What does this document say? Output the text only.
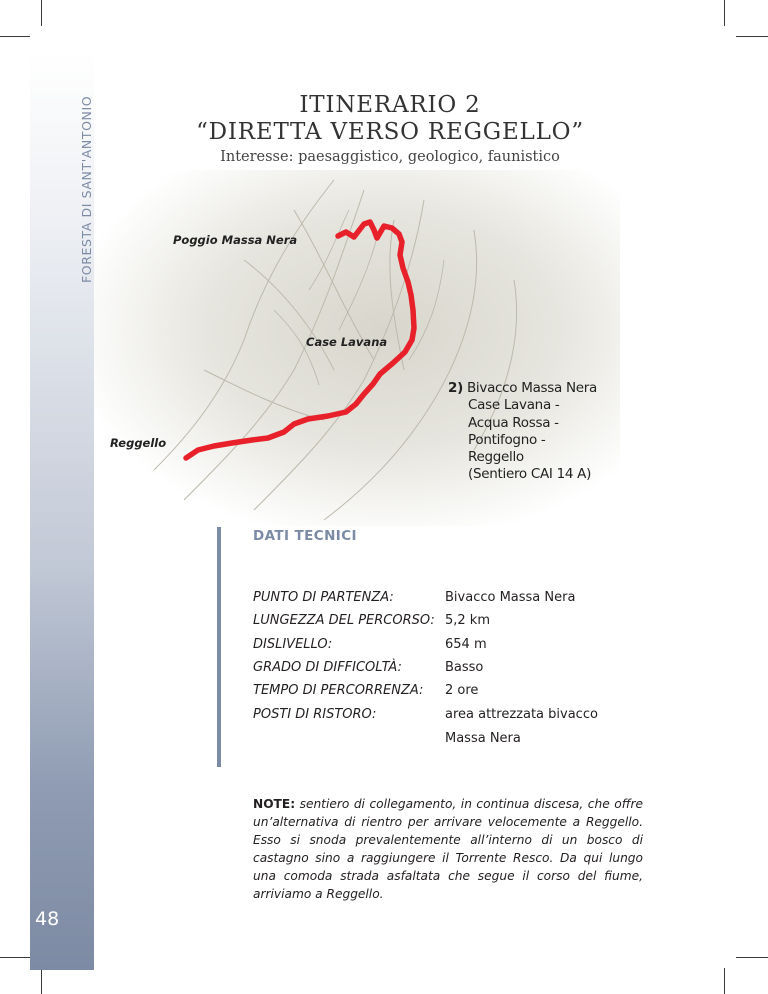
FORESTA DI SANT'ANTONIO
48
ITINERARIO 2
“DIRETTA VERSO REGGELLO”
Interesse: paesaggistico, geologico, faunistico
Poggio Massa Nera
Case Lavana
Reggello
2) Bivacco Massa Nera
Case Lavana -
Acqua Rossa -
Pontifogno -
Reggello
(Sentiero CAI 14 A)
DATI TECNICI
PUNTO DI PARTENZA:	Bivacco Massa Nera
LUNGEZZA DEL PERCORSO: 5,2 km
DISLIVELLO:	654 m
GRADO DI DIFFICOLTÀ:	Basso
TEMPO DI PERCORRENZA: 2 ore
POSTI DI RISTORO:	area attrezzata bivacco
Massa Nera
NOTE: sentiero di collegamento, in continua discesa, che offre un’alternativa di rientro per arrivare velocemente a Reggello. Esso si snoda prevalentemente all’interno di un bosco di castagno sino a raggiungere il Torrente Resco. Da qui lungo una comoda strada asfaltata che segue il corso del fiume, arriviamo a Reggello.
